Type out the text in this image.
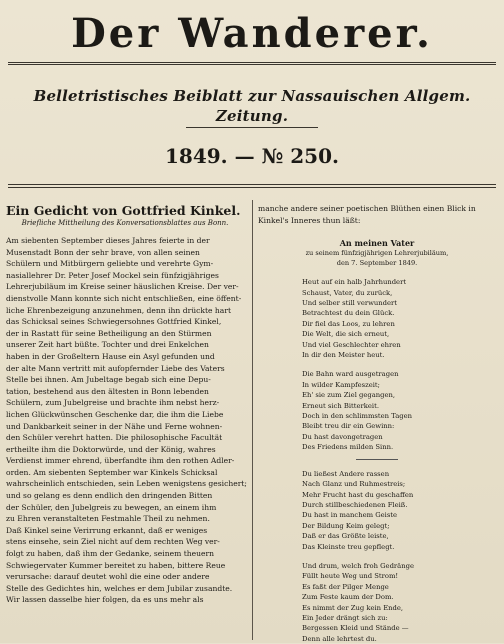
Der Wanderer.
Belletristisches Beiblatt zur Nassauischen Allgem. Zeitung.
1849. — № 250.
Ein Gedicht von Gottfried Kinkel.
Briefliche Mittheilung des Konversationsblattes aus Bonn.

Am siebenten September dieses Jahres feierte in der

Musenstadt Bonn der sehr brave, von allen seinen

Schülern und Mitbürgern geliebte und verehrte Gym-

nasiallehrer Dr. Peter Josef Mockel sein fünfzigjähriges

Lehrerjubiläum im Kreise seiner häuslichen Kreise. Der ver-

dienstvolle Mann konnte sich nicht entschließen, eine öffent-

liche Ehrenbezeigung anzunehmen, denn ihn drückte hart

das Schicksal seines Schwiegersohnes Gottfried Kinkel,

der in Rastatt für seine Betheiligung an den Stürmen

unserer Zeit hart büßte. Tochter und drei Enkelchen

haben in der Großeltern Hause ein Asyl gefunden und

der alte Mann vertritt mit aufopfernder Liebe des Vaters

Stelle bei ihnen. Am Jubeltage begab sich eine Depu-

tation, bestehend aus den ältesten in Bonn lebenden

Schülern, zum Jubelgreise und brachte ihm nebst herz-

lichen Glückwünschen Geschenke dar, die ihm die Liebe

und Dankbarkeit seiner in der Nähe und Ferne wohnen-

den Schüler verehrt hatten. Die philosophische Facultät

ertheilte ihm die Doktorwürde, und der König, wahres

Verdienst immer ehrend, überfandte ihm den rothen Adler-

orden. Am siebenten September war Kinkels Schicksal

wahrscheinlich entschieden, sein Leben wenigstens gesichert;

und so gelang es denn endlich den dringenden Bitten

der Schüler, den Jubelgreis zu bewegen, an einem ihm

zu Ehren veranstalteten Festmahle Theil zu nehmen.

Daß Kinkel seine Verirrung erkannt, daß er weniges

stens einsehe, sein Ziel nicht auf dem rechten Weg ver-

folgt zu haben, daß ihm der Gedanke, seinem theuern

Schwiegervater Kummer bereitet zu haben, bittere Reue

verursache: darauf deutet wohl die eine oder andere

Stelle des Gedichtes hin, welches er dem Jubilar zusandte.

Wir lassen dasselbe hier folgen, da es uns mehr als

manche andere seiner poetischen Blüthen einen Blick in

Kinkel's Inneres thun läßt:

An meinen Vater
zu seinem fünfzigjährigen Lehrerjubiläum,
den 7. September 1849.

Heut auf ein halb Jahrhundert

Schaust, Vater, du zurück,

Und selber still verwundert

Betrachtest du dein Glück.

Dir fiel das Loos, zu lehren

Die Welt, die sich erneut,

Und viel Geschlechter ehren

In dir den Meister heut.

Die Bahn ward ausgetragen

In wilder Kampfeszeit;

Eh' sie zum Ziel gegangen,

Erneut sich Bitterkeit.

Doch in den schlimmsten Tagen

Bleibt treu dir ein Gewinn:

Du hast davongetragen

Des Friedens milden Sinn.

Du ließest Andere rassen

Nach Glanz und Ruhmestreis;

Mehr Frucht hast du geschaffen

Durch stillbeschiedenen Fleiß.

Du hast in manchem Geiste

Der Bildung Keim gelegt;

Daß er das Größte leiste,

Das Kleinste treu gepflegt.

Und drum, welch froh Gedränge

Füllt heute Weg und Strom!

Es faßt der Pilger Menge

Zum Feste kaum der Dom.

Es nimmt der Zug kein Ende,

Ein Jeder drängt sich zu:

Bergessen Kleid und Stände —

Denn alle lehrtest du.
